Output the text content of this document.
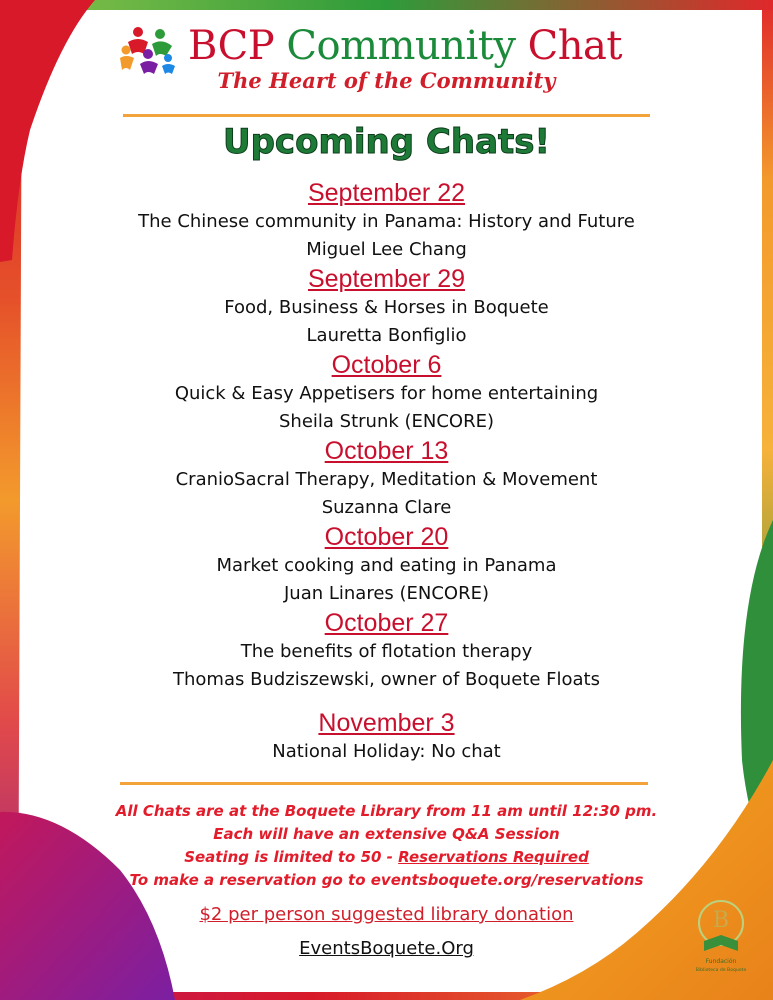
BCP Community Chat
The Heart of the Community
Upcoming Chats!
September 22
The Chinese community in Panama: History and Future
Miguel Lee Chang
September 29
Food, Business & Horses in Boquete
Lauretta Bonfiglio
October 6
Quick & Easy Appetisers for home entertaining
Sheila Strunk (ENCORE)
October 13
CranioSacral Therapy, Meditation & Movement
Suzanna Clare
October 20
Market cooking and eating in Panama
Juan Linares (ENCORE)
October 27
The benefits of flotation therapy
Thomas Budziszewski, owner of Boquete Floats
November 3
National Holiday: No chat
All Chats are at the Boquete Library from 11 am until 12:30 pm.
Each will have an extensive Q&A Session
Seating is limited to 50 - Reservations Required
To make a reservation go to eventsboquete.org/reservations
$2 per person suggested library donation
EventsBoquete.Org
B
Fundación
Biblioteca de Boquete
